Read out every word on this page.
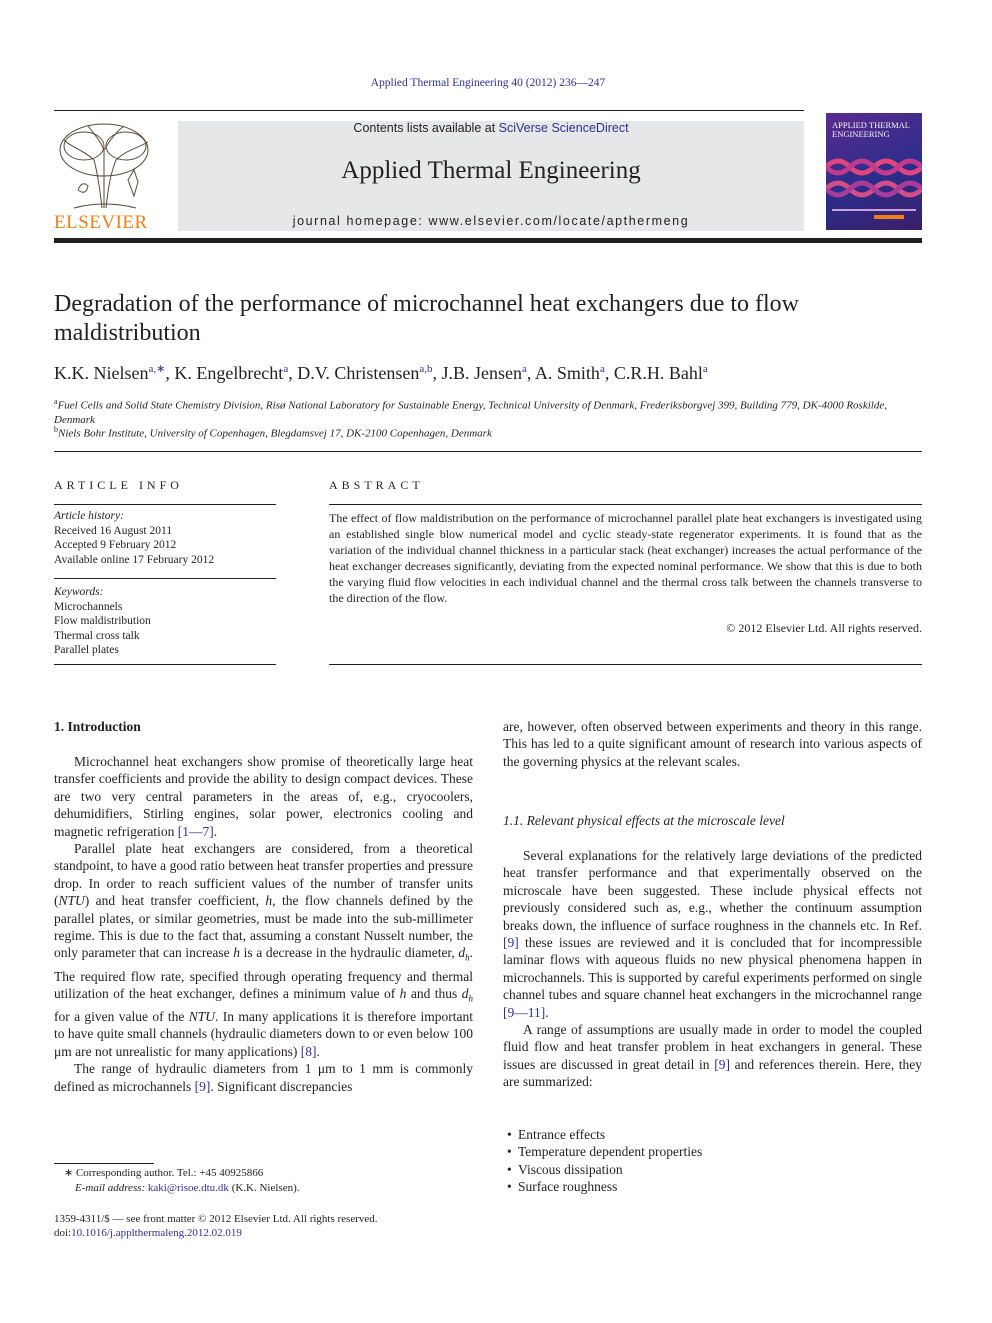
Applied Thermal Engineering 40 (2012) 236—247
ELSEVIER
Contents lists available at SciVerse ScienceDirect
Applied Thermal Engineering
journal homepage: www.elsevier.com/locate/apthermeng
APPLIED THERMAL ENGINEERING
Degradation of the performance of microchannel heat exchangers due to flow maldistribution
K.K. Nielsen$^{a,∗}$, K. Engelbrecht$^a$, D.V. Christensen$^{a,b}$, J.B. Jensen$^a$, A. Smith$^a$, C.R.H. Bahl$^a$
$^a$Fuel Cells and Solid State Chemistry Division, Risø National Laboratory for Sustainable Energy, Technical University of Denmark, Frederiksborgvej 399, Building 779, DK-4000 Roskilde, Denmark
$^b$Niels Bohr Institute, University of Copenhagen, Blegdamsvej 17, DK-2100 Copenhagen, Denmark
ARTICLE INFO
Article history:
Received 16 August 2011
Accepted 9 February 2012
Available online 17 February 2012
Keywords:
Microchannels
Flow maldistribution
Thermal cross talk
Parallel plates
ABSTRACT
The effect of flow maldistribution on the performance of microchannel parallel plate heat exchangers is investigated using an established single blow numerical model and cyclic steady-state regenerator experiments. It is found that as the variation of the individual channel thickness in a particular stack (heat exchanger) increases the actual performance of the heat exchanger decreases significantly, deviating from the expected nominal performance. We show that this is due to both the varying fluid flow velocities in each individual channel and the thermal cross talk between the channels transverse to the direction of the flow.
© 2012 Elsevier Ltd. All rights reserved.
1. Introduction

Microchannel heat exchangers show promise of theoretically large heat transfer coefficients and provide the ability to design compact devices. These are two very central parameters in the areas of, e.g., cryocoolers, dehumidifiers, Stirling engines, solar power, electronics cooling and magnetic refrigeration [1—7].

Parallel plate heat exchangers are considered, from a theoretical standpoint, to have a good ratio between heat transfer properties and pressure drop. In order to reach sufficient values of the number of transfer units (NTU) and heat transfer coefficient, h, the flow channels defined by the parallel plates, or similar geometries, must be made into the sub-millimeter regime. This is due to the fact that, assuming a constant Nusselt number, the only parameter that can increase h is a decrease in the hydraulic diameter, $d_h$. The required flow rate, specified through operating frequency and thermal utilization of the heat exchanger, defines a minimum value of h and thus $d_h$ for a given value of the NTU. In many applications it is therefore important to have quite small channels (hydraulic diameters down to or even below 100 μm are not unrealistic for many applications) [8].

The range of hydraulic diameters from 1 μm to 1 mm is commonly defined as microchannels [9]. Significant discrepancies

are, however, often observed between experiments and theory in this range. This has led to a quite significant amount of research into various aspects of the governing physics at the relevant scales.

1.1. Relevant physical effects at the microscale level

Several explanations for the relatively large deviations of the predicted heat transfer performance and that experimentally observed on the microscale have been suggested. These include physical effects not previously considered such as, e.g., whether the continuum assumption breaks down, the influence of surface roughness in the channels etc. In Ref. [9] these issues are reviewed and it is concluded that for incompressible laminar flows with aqueous fluids no new physical phenomena happen in microchannels. This is supported by careful experiments performed on single channel tubes and square channel heat exchangers in the microchannel range [9—11].

A range of assumptions are usually made in order to model the coupled fluid flow and heat transfer problem in heat exchangers in general. These issues are discussed in great detail in [9] and references therein. Here, they are summarized:

• Entrance effects
• Temperature dependent properties
• Viscous dissipation
• Surface roughness
∗ Corresponding author. Tel.: +45 40925866
E-mail address: kaki@risoe.dtu.dk (K.K. Nielsen).
1359-4311/$ — see front matter © 2012 Elsevier Ltd. All rights reserved.
doi:10.1016/j.applthermaleng.2012.02.019
